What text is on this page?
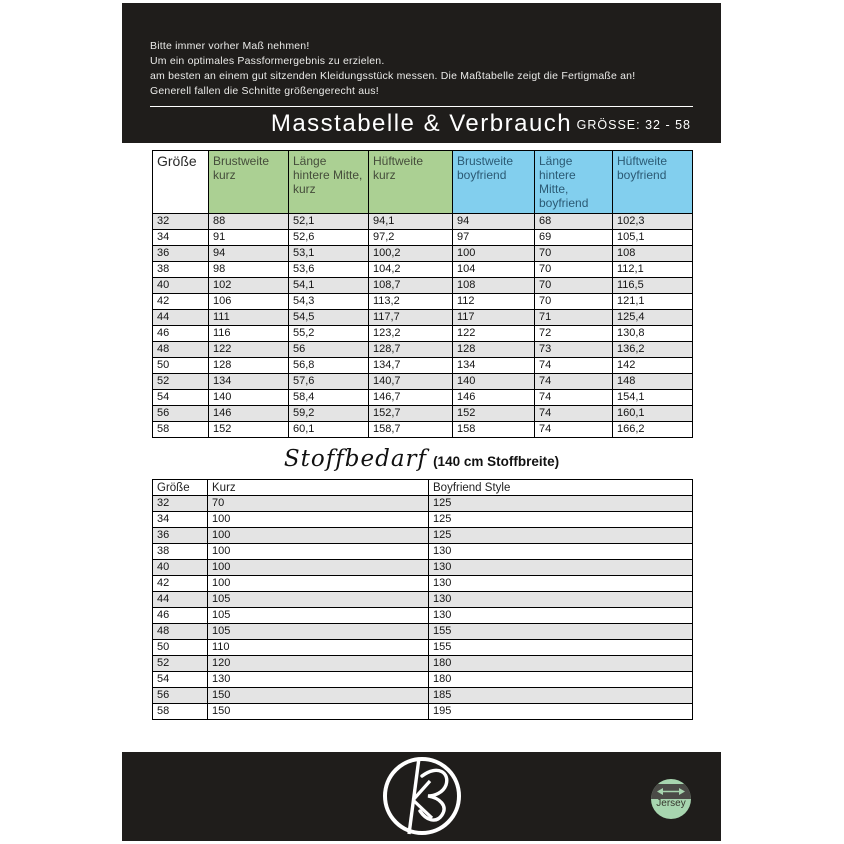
Bitte immer vorher Maß nehmen!

Um ein optimales Passformergebnis zu erzielen.

am besten an einem gut sitzenden Kleidungsstück messen. Die Maßtabelle zeigt die Fertigmaße an!

Generell fallen die Schnitte größengerecht aus!

Masstabelle & Verbrauch GRÖSSE: 32 - 58
Größe	Brustweite kurz	Länge hintere Mitte, kurz	Hüftweite kurz	Brustweite boyfriend	Länge hintere Mitte, boyfriend	Hüftweite boyfriend
32	88	52,1	94,1	94	68	102,3
34	91	52,6	97,2	97	69	105,1
36	94	53,1	100,2	100	70	108
38	98	53,6	104,2	104	70	112,1
40	102	54,1	108,7	108	70	116,5
42	106	54,3	113,2	112	70	121,1
44	111	54,5	117,7	117	71	125,4
46	116	55,2	123,2	122	72	130,8
48	122	56	128,7	128	73	136,2
50	128	56,8	134,7	134	74	142
52	134	57,6	140,7	140	74	148
54	140	58,4	146,7	146	74	154,1
56	146	59,2	152,7	152	74	160,1
58	152	60,1	158,7	158	74	166,2
Stoffbedarf (140 cm Stoffbreite)
Größe	Kurz	Boyfriend Style
32	70	125
34	100	125
36	100	125
38	100	130
40	100	130
42	100	130
44	105	130
46	105	130
48	105	155
50	110	155
52	120	180
54	130	180
56	150	185
58	150	195
Jersey
